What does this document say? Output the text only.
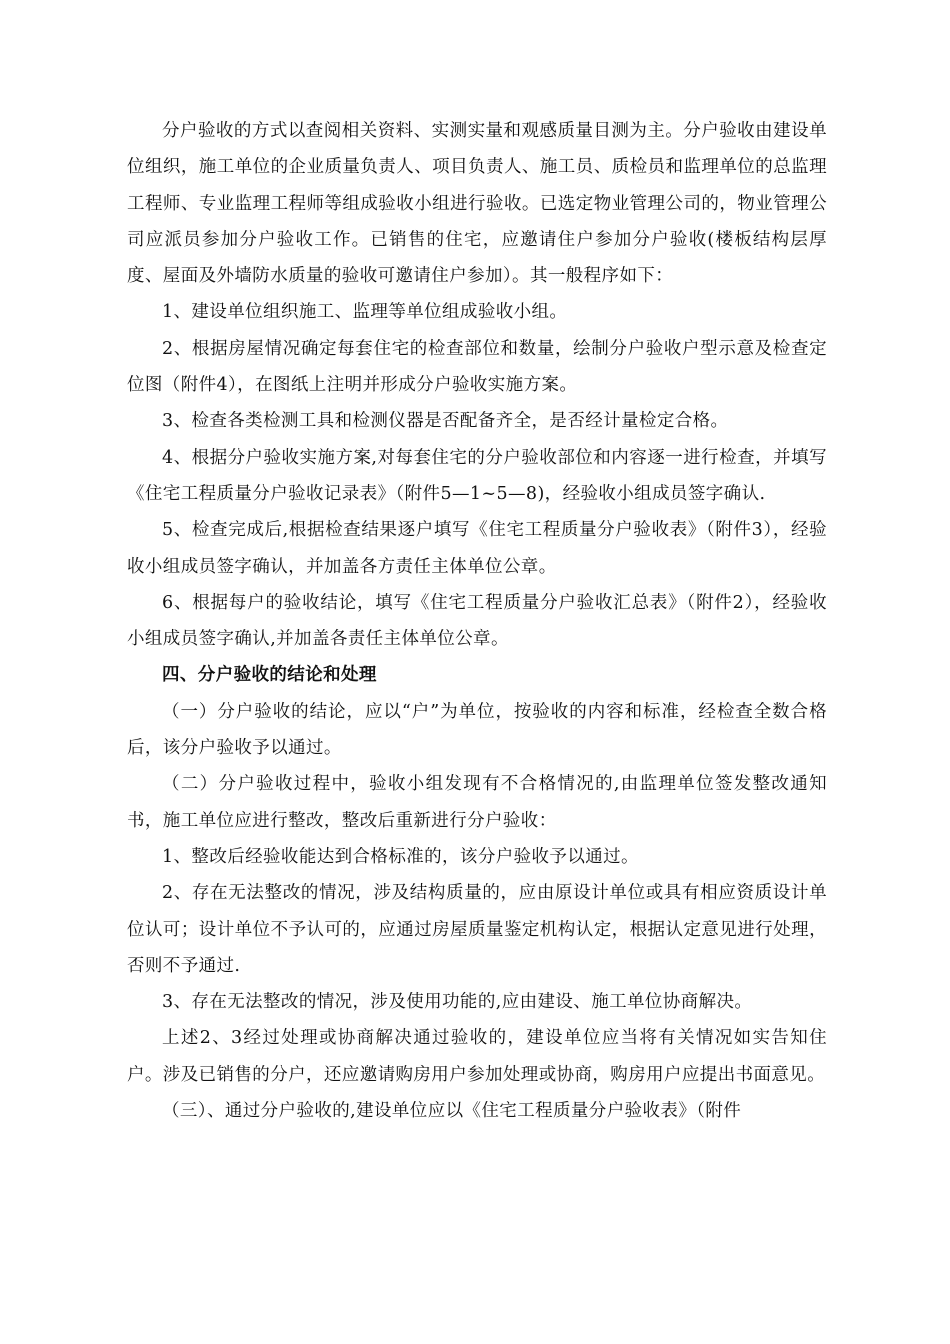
分户验收的方式以查阅相关资料、实测实量和观感质量目测为主。分户验收由建设单位组织，施工单位的企业质量负责人、项目负责人、施工员、质检员和监理单位的总监理工程师、专业监理工程师等组成验收小组进行验收。已选定物业管理公司的，物业管理公司应派员参加分户验收工作。已销售的住宅，应邀请住户参加分户验收(楼板结构层厚度、屋面及外墙防水质量的验收可邀请住户参加）。其一般程序如下：

1、建设单位组织施工、监理等单位组成验收小组。

2、根据房屋情况确定每套住宅的检查部位和数量，绘制分户验收户型示意及检查定位图（附件4），在图纸上注明并形成分户验收实施方案。

3、检查各类检测工具和检测仪器是否配备齐全，是否经计量检定合格。

4、根据分户验收实施方案,对每套住宅的分户验收部位和内容逐一进行检查，并填写《住宅工程质量分户验收记录表》（附件5—1~5—8)，经验收小组成员签字确认.

5、检查完成后,根据检查结果逐户填写《住宅工程质量分户验收表》（附件3），经验收小组成员签字确认，并加盖各方责任主体单位公章。

6、根据每户的验收结论，填写《住宅工程质量分户验收汇总表》（附件2），经验收小组成员签字确认,并加盖各责任主体单位公章。

四、分户验收的结论和处理

（一）分户验收的结论，应以“户”为单位，按验收的内容和标准，经检查全数合格后，该分户验收予以通过。

（二）分户验收过程中，验收小组发现有不合格情况的,由监理单位签发整改通知书，施工单位应进行整改，整改后重新进行分户验收：

1、整改后经验收能达到合格标准的，该分户验收予以通过。

2、存在无法整改的情况，涉及结构质量的，应由原设计单位或具有相应资质设计单位认可；设计单位不予认可的，应通过房屋质量鉴定机构认定，根据认定意见进行处理，否则不予通过.

3、存在无法整改的情况，涉及使用功能的,应由建设、施工单位协商解决。

上述2、3经过处理或协商解决通过验收的，建设单位应当将有关情况如实告知住户。涉及已销售的分户，还应邀请购房用户参加处理或协商，购房用户应提出书面意见。

（三）、通过分户验收的,建设单位应以《住宅工程质量分户验收表》（附件
